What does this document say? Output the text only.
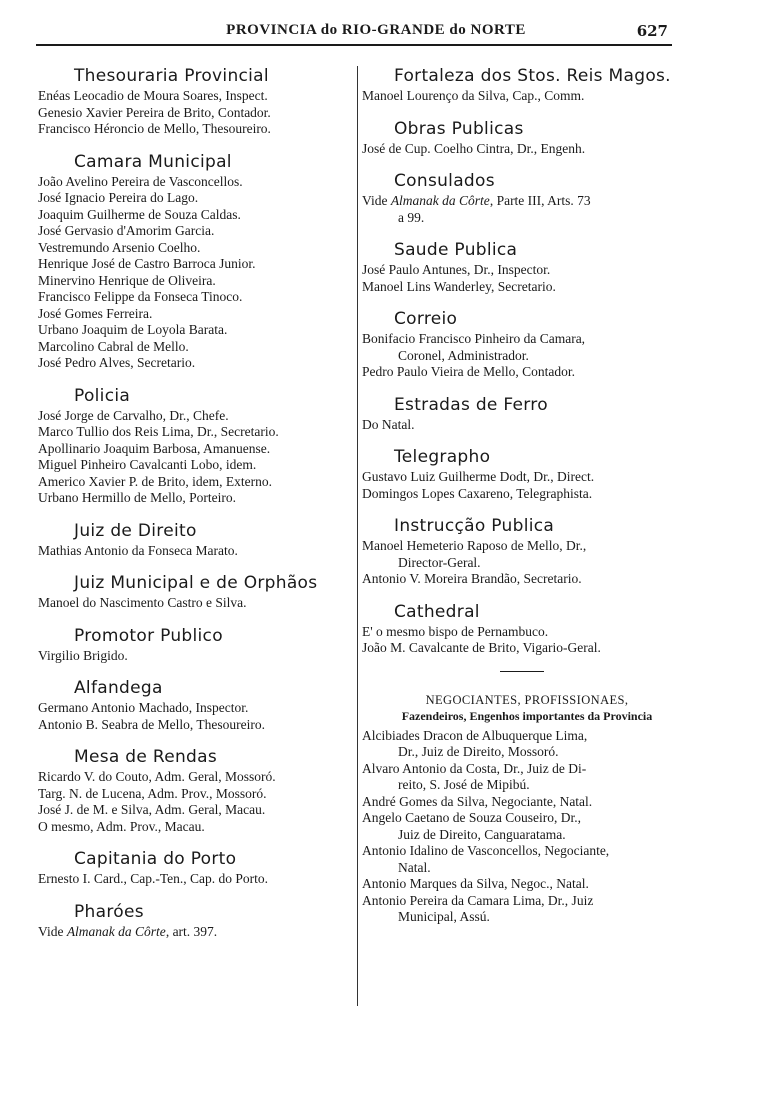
PROVINCIA do RIO-GRANDE do NORTE	627
Thesouraria Provincial
Enéas Leocadio de Moura Soares, Inspect.
Genesio Xavier Pereira de Brito, Contador.
Francisco Héroncio de Mello, Thesoureiro.
Camara Municipal
João Avelino Pereira de Vasconcellos.
José Ignacio Pereira do Lago.
Joaquim Guilherme de Souza Caldas.
José Gervasio d'Amorim Garcia.
Vestremundo Arsenio Coelho.
Henrique José de Castro Barroca Junior.
Minervino Henrique de Oliveira.
Francisco Felippe da Fonseca Tinoco.
José Gomes Ferreira.
Urbano Joaquim de Loyola Barata.
Marcolino Cabral de Mello.
José Pedro Alves, Secretario.
Policia
José Jorge de Carvalho, Dr., Chefe.
Marco Tullio dos Reis Lima, Dr., Secretario.
Apollinario Joaquim Barbosa, Amanuense.
Miguel Pinheiro Cavalcanti Lobo, idem.
Americo Xavier P. de Brito, idem, Externo.
Urbano Hermillo de Mello, Porteiro.
Juiz de Direito
Mathias Antonio da Fonseca Marato.
Juiz Municipal e de Orphãos
Manoel do Nascimento Castro e Silva.
Promotor Publico
Virgilio Brigido.
Alfandega
Germano Antonio Machado, Inspector.
Antonio B. Seabra de Mello, Thesoureiro.
Mesa de Rendas
Ricardo V. do Couto, Adm. Geral, Mossoró.
Targ. N. de Lucena, Adm. Prov., Mossoró.
José J. de M. e Silva, Adm. Geral, Macau.
O mesmo, Adm. Prov., Macau.
Capitania do Porto
Ernesto I. Card., Cap.-Ten., Cap. do Porto.
Pharóes
Vide Almanak da Côrte, art. 397.
Fortaleza dos Stos. Reis Magos.
Manoel Lourenço da Silva, Cap., Comm.
Obras Publicas
José de Cup. Coelho Cintra, Dr., Engenh.
Consulados
Vide Almanak da Côrte, Parte III, Arts. 73
a 99.
Saude Publica
José Paulo Antunes, Dr., Inspector.
Manoel Lins Wanderley, Secretario.
Correio
Bonifacio Francisco Pinheiro da Camara,
Coronel, Administrador.
Pedro Paulo Vieira de Mello, Contador.
Estradas de Ferro
Do Natal.
Telegrapho
Gustavo Luiz Guilherme Dodt, Dr., Direct.
Domingos Lopes Caxareno, Telegraphista.
Instrucção Publica
Manoel Hemeterio Raposo de Mello, Dr.,
Director-Geral.
Antonio V. Moreira Brandão, Secretario.
Cathedral
E' o mesmo bispo de Pernambuco.
João M. Cavalcante de Brito, Vigario-Geral.
NEGOCIANTES, PROFISSIONAES,
Fazendeiros, Engenhos importantes da Provincia
Alcibiades Dracon de Albuquerque Lima,
Dr., Juiz de Direito, Mossoró.
Alvaro Antonio da Costa, Dr., Juiz de Di-
reito, S. José de Mipibú.
André Gomes da Silva, Negociante, Natal.
Angelo Caetano de Souza Couseiro, Dr.,
Juiz de Direito, Canguaratama.
Antonio Idalino de Vasconcellos, Negociante,
Natal.
Antonio Marques da Silva, Negoc., Natal.
Antonio Pereira da Camara Lima, Dr., Juiz
Municipal, Assú.
